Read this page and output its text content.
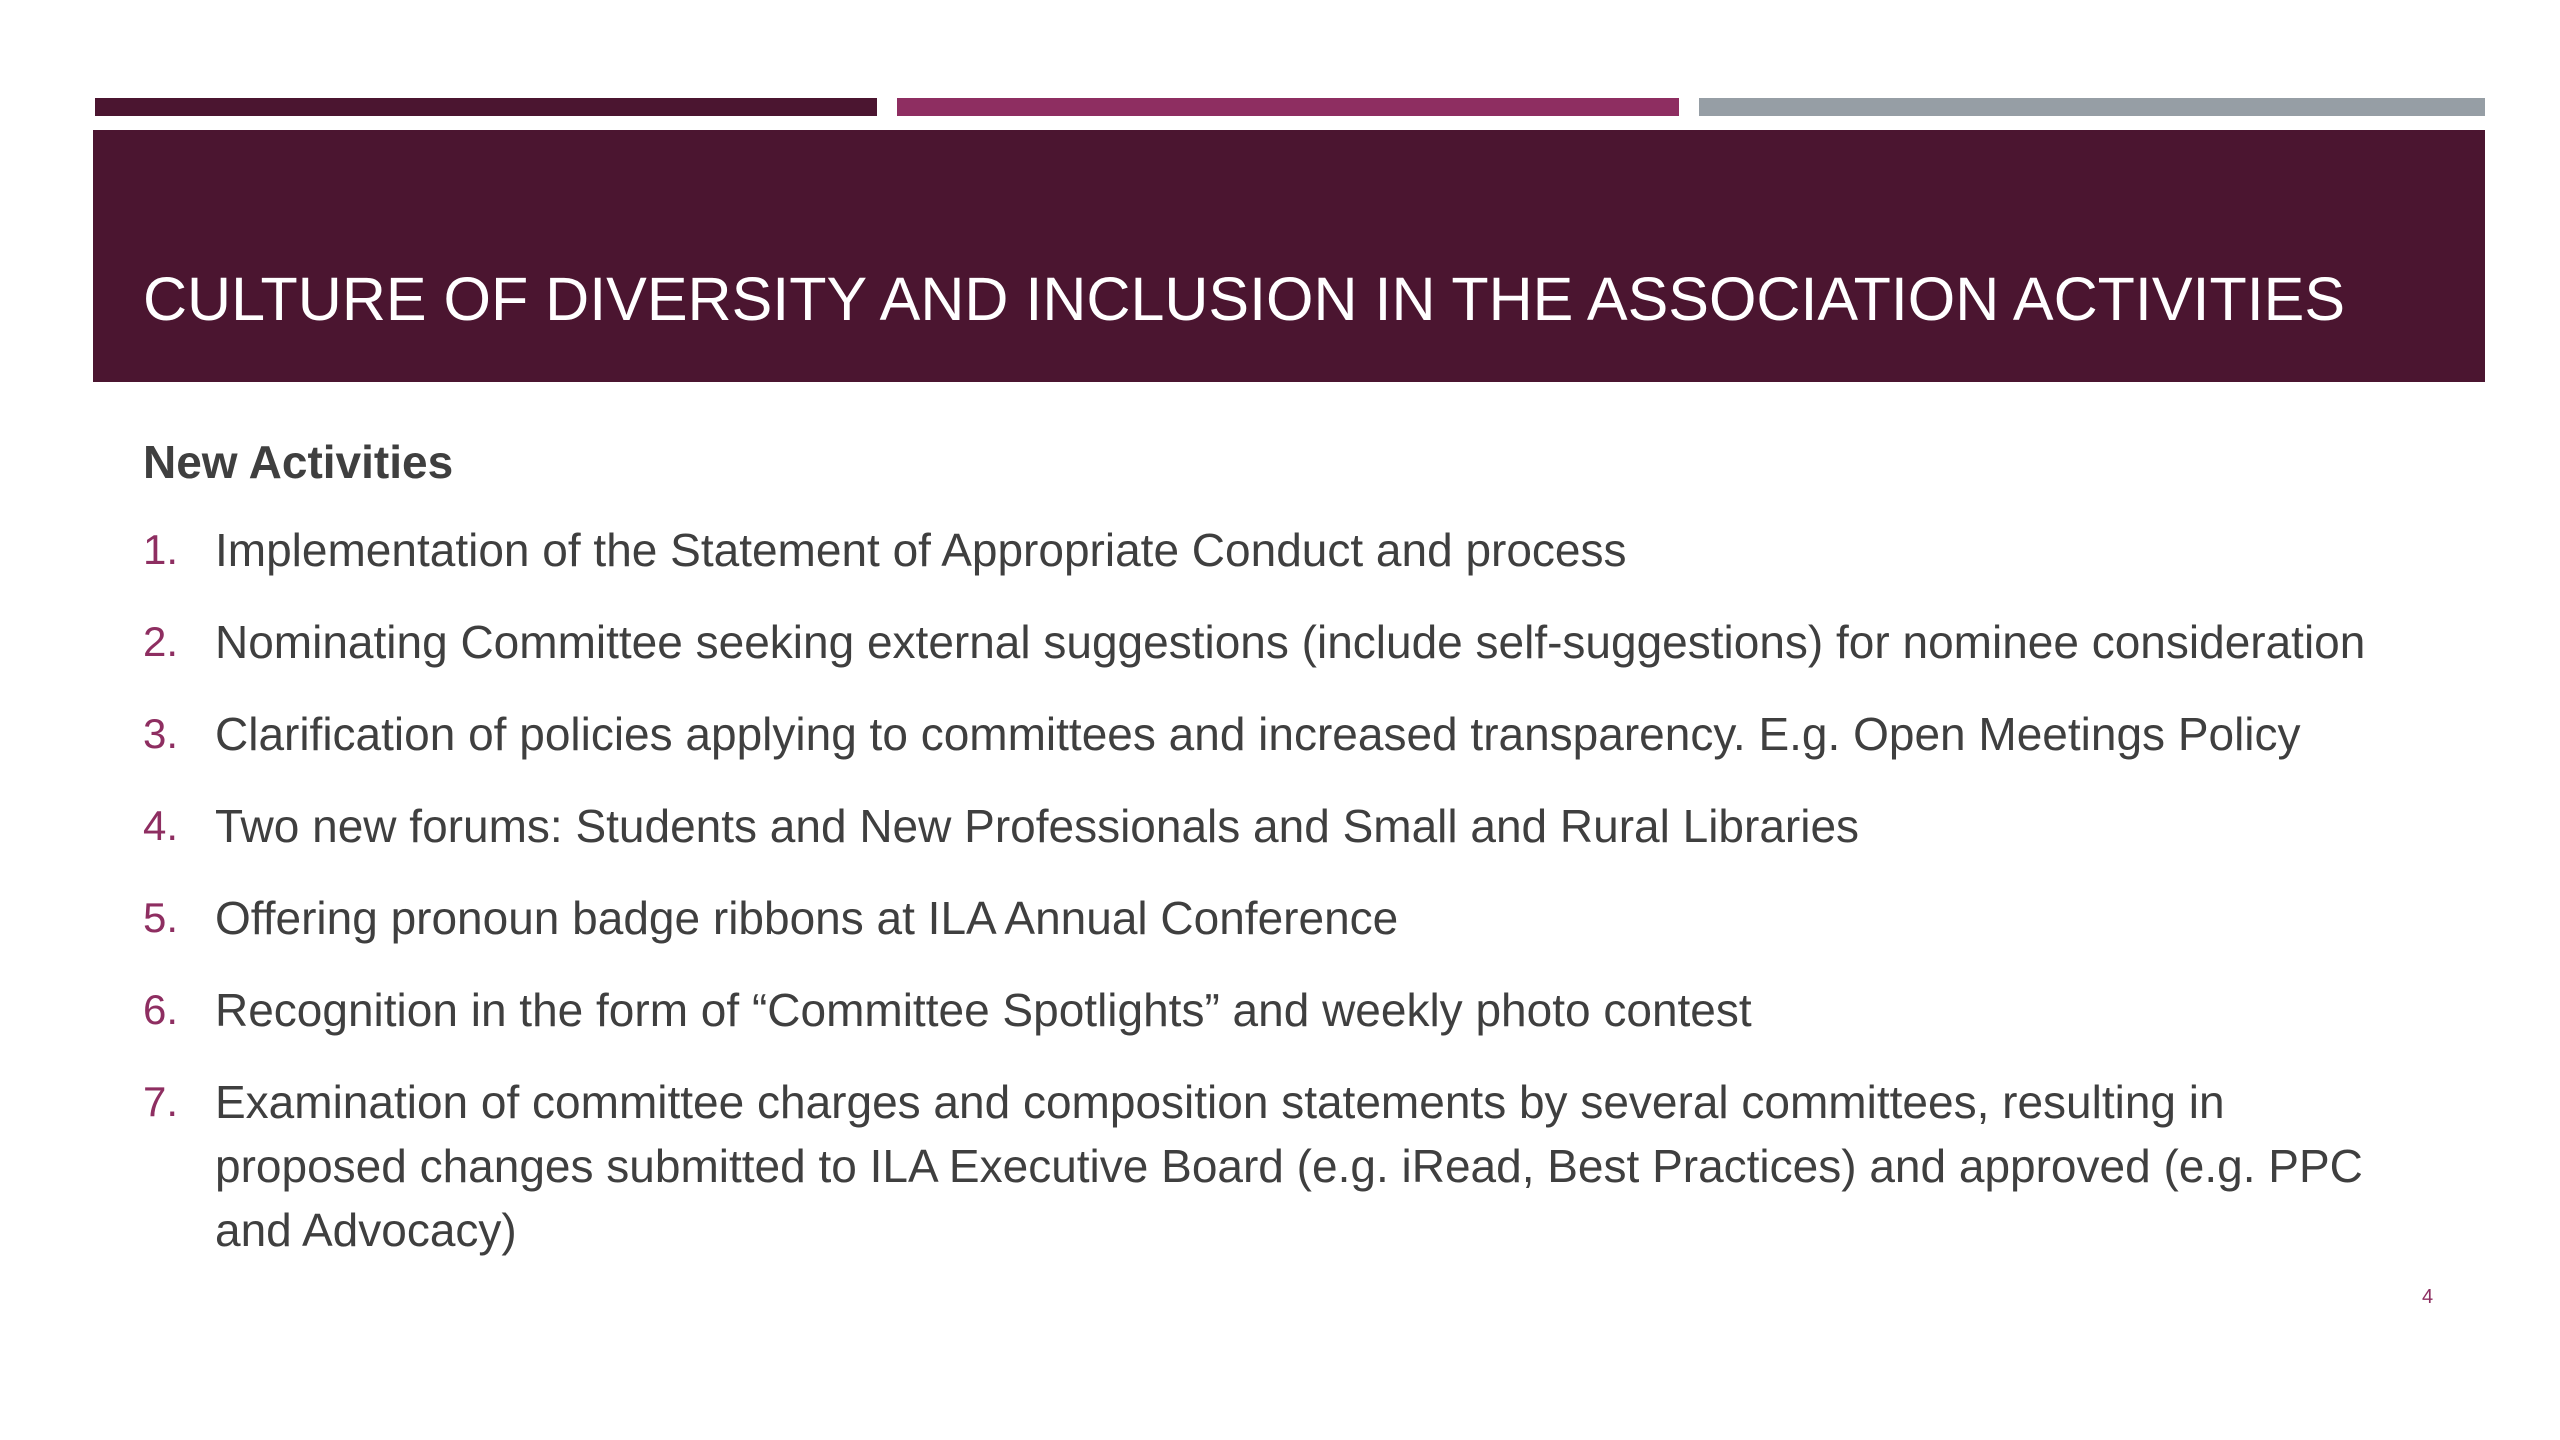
CULTURE OF DIVERSITY AND INCLUSION IN THE ASSOCIATION ACTIVITIES
New Activities
1. Implementation of the Statement of Appropriate Conduct and process
2. Nominating Committee seeking external suggestions (include self-suggestions) for nominee consideration
3. Clarification of policies applying to committees and increased transparency. E.g. Open Meetings Policy
4. Two new forums: Students and New Professionals and Small and Rural Libraries
5. Offering pronoun badge ribbons at ILA Annual Conference
6. Recognition in the form of “Committee Spotlights” and weekly photo contest
7. Examination of committee charges and composition statements by several committees, resulting in proposed changes submitted to ILA Executive Board (e.g. iRead, Best Practices) and approved (e.g. PPC and Advocacy)
4
